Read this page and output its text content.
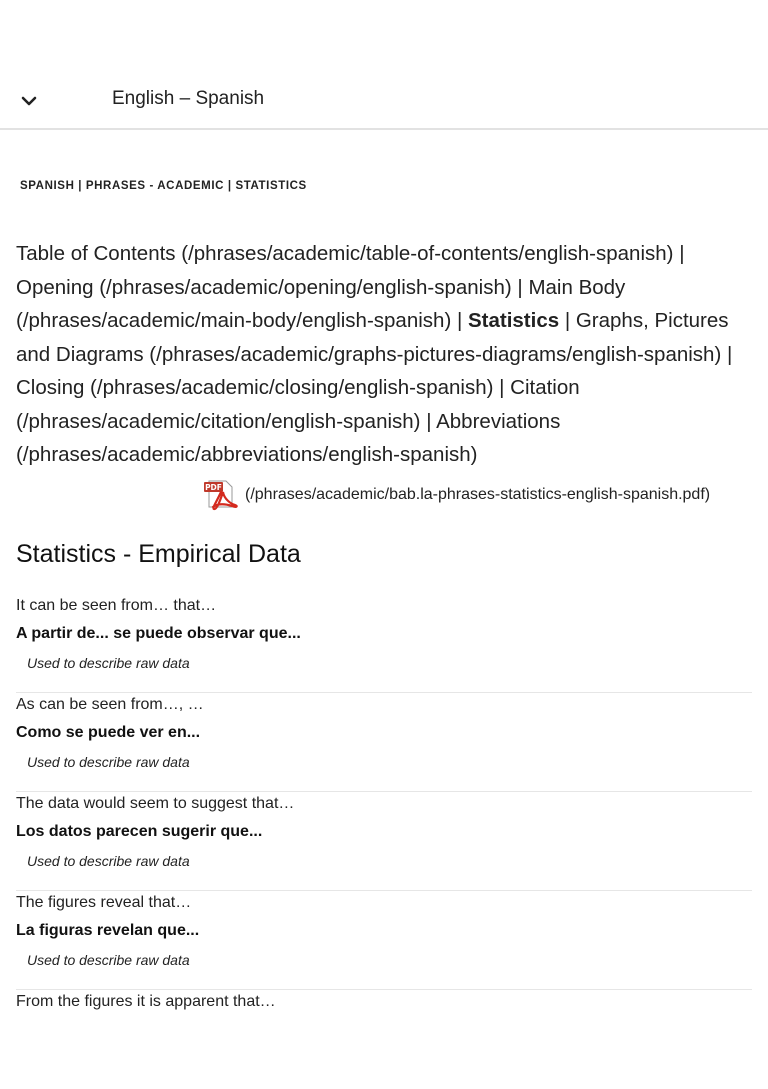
English – Spanish
SPANISH | PHRASES - ACADEMIC | STATISTICS

Table of Contents (/phrases/academic/table-of-contents/english-spanish) | Opening (/phrases/academic/opening/english-spanish) | Main Body (/phrases/academic/main-body/english-spanish) | Statistics | Graphs, Pictures and Diagrams (/phrases/academic/graphs-pictures-diagrams/english-spanish) | Closing (/phrases/academic/closing/english-spanish) | Citation (/phrases/academic/citation/english-spanish) | Abbreviations (/phrases/academic/abbreviations/english-spanish)

PDF (/phrases/academic/bab.la-phrases-statistics-english-spanish.pdf)
Statistics - Empirical Data
It can be seen from… that…
A partir de... se puede observar que...
Used to describe raw data
As can be seen from…, …
Como se puede ver en...
Used to describe raw data
The data would seem to suggest that…
Los datos parecen sugerir que...
Used to describe raw data
The figures reveal that…
La figuras revelan que...
Used to describe raw data
From the figures it is apparent that…
